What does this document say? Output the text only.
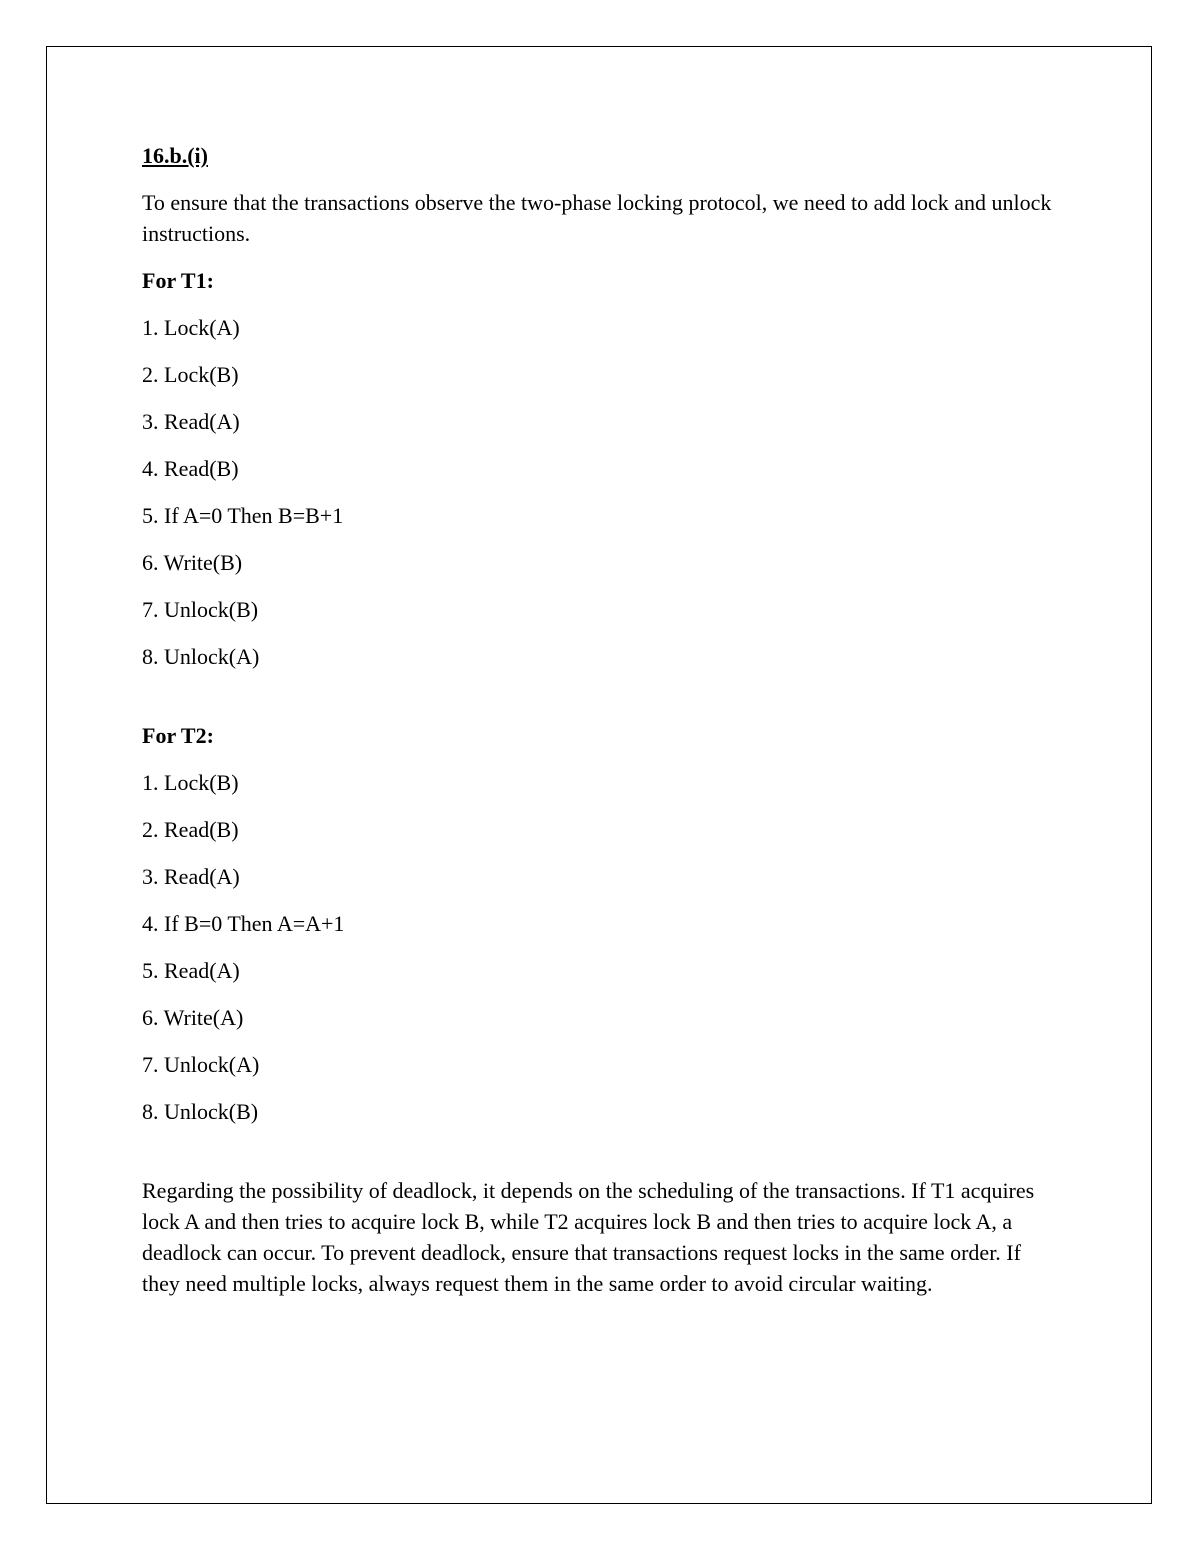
16.b.(i)

To ensure that the transactions observe the two-phase locking protocol, we need to add lock and unlock instructions.

For T1:

1. Lock(A)

2. Lock(B)

3. Read(A)

4. Read(B)

5. If A=0 Then B=B+1

6. Write(B)

7. Unlock(B)

8. Unlock(A)

For T2:

1. Lock(B)

2. Read(B)

3. Read(A)

4. If B=0 Then A=A+1

5. Read(A)

6. Write(A)

7. Unlock(A)

8. Unlock(B)

Regarding the possibility of deadlock, it depends on the scheduling of the transactions. If T1 acquires lock A and then tries to acquire lock B, while T2 acquires lock B and then tries to acquire lock A, a deadlock can occur. To prevent deadlock, ensure that transactions request locks in the same order. If they need multiple locks, always request them in the same order to avoid circular waiting.
